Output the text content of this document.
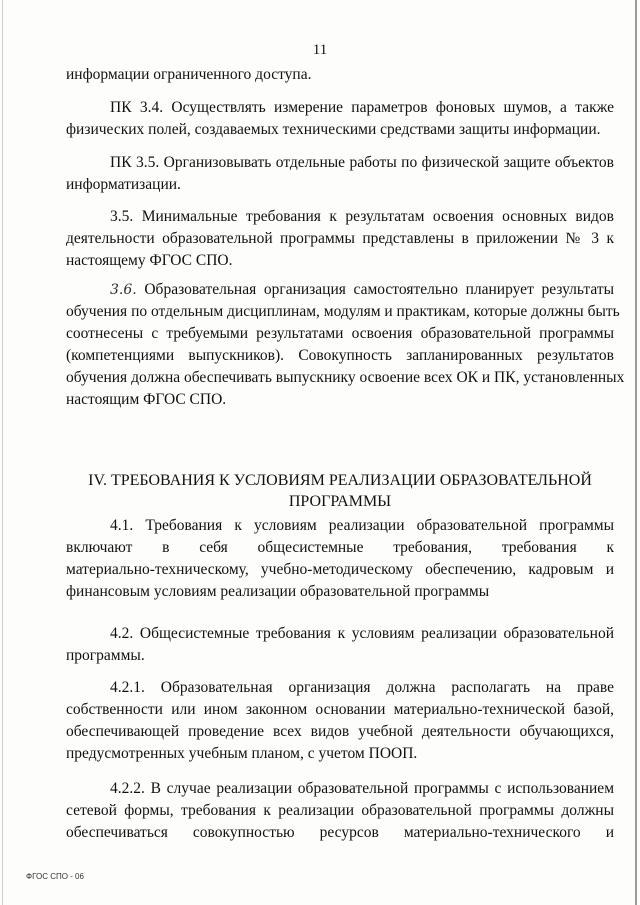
11
информации ограниченного доступа.
ПК 3.4. Осуществлять измерение параметров фоновых шумов, а также
физических полей, создаваемых техническими средствами защиты информации.
ПК 3.5. Организовывать отдельные работы по физической защите объектов
информатизации.
3.5. Минимальные требования к результатам освоения основных видов
деятельности образовательной программы представлены в приложении № 3 к
настоящему ФГОС СПО.
3.6. Образовательная организация самостоятельно планирует результаты
обучения по отдельным дисциплинам, модулям и практикам, которые должны быть
соотнесены с требуемыми результатами освоения образовательной программы
(компетенциями выпускников). Совокупность запланированных результатов
обучения должна обеспечивать выпускнику освоение всех ОК и ПК, установленных
настоящим ФГОС СПО.
IV. ТРЕБОВАНИЯ К УСЛОВИЯМ РЕАЛИЗАЦИИ ОБРАЗОВАТЕЛЬНОЙ
ПРОГРАММЫ
4.1. Требования к условиям реализации образовательной программы
включают в себя общесистемные требования, требования к
материально-техническому, учебно-методическому обеспечению, кадровым и
финансовым условиям реализации образовательной программы
4.2. Общесистемные требования к условиям реализации образовательной
программы.
4.2.1. Образовательная организация должна располагать на праве
собственности или ином законном основании материально-технической базой,
обеспечивающей проведение всех видов учебной деятельности обучающихся,
предусмотренных учебным планом, с учетом ПООП.
4.2.2. В случае реализации образовательной программы с использованием
сетевой формы, требования к реализации образовательной программы должны
обеспечиваться совокупностью ресурсов материально-технического и
ФГОС СПО - 06
